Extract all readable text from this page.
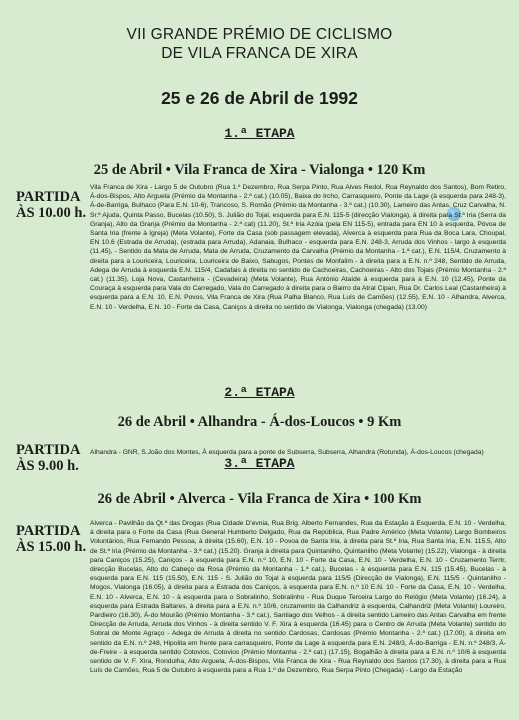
VII GRANDE PRÉMIO DE CICLISMO
DE VILA FRANCA DE XIRA
25 e 26 de Abril de 1992
1.ª ETAPA
25 de Abril • Vila Franca de Xira - Vialonga • 120 Km
PARTIDA
ÀS 10.00 h.
Vila Franca de Xira - Largo 5 de Outubro (Rua 1.º Dezembro, Rua Serpa Pinto, Rua Alves Redol, Rua Reynaldo dos Santos), Bom Retiro, Á-dos-Bispos, Alto Arguela (Prémio da Montanha - 2.ª cat.) (10.05), Baixa do Ircho, Carrasqueiro, Ponte da Lage (à esquerda para 248-3), Á-de-Barriga, Bulhaco (Para E.N. 10-6), Trancoso, S. Romão (Prémio da Montanha - 3.ª cat.) (10.30), Lameiro das Antas, Cruz Carvalha, N. Sr.ª Ajuda, Quinta Passo, Bucelas (10.50), S. Julião do Tojal, esquerda para E.N. 115-5 (direcção Vialonga), à direita para St.ª Iria (Serra da Granja), Alto da Granja (Prémio da Montanha - 2.ª cat) (11.20), St.ª Iria Azóia (pela EN 115-5), entrada para EN 10 à esquerda, Póvoa de Santa Iria (frente à Igreja) (Meta Volante), Forte da Casa (sob passagem elevada), Alverca à esquerda para Rua da Boca Lara, Choupal, EN 10.6 (Estrada de Arruda), (estrada para Arruda), Adanaia, Bulhaco - esquerda para E.N. 248-3, Arruda dos Vinhos - largo à esquerda (11.45), - Sentido da Mata de Arruda, Mata de Arruda, Cruzamento da Carvalha (Prémio da Montanha - 1.ª cat.), E.N. 115/4, Cruzamento à direita para a Louriceira, Louriceira, Louriceira de Baixo, Sabugos, Pontes de Monfalim - à direita para a E.N. n.º 248, Sentido de Arruda, Adega de Arruda à esquerda E.N. 115/4, Cadafais à direita no sentido de Cachoeiras, Cachoeiras - Alto dos Tojais (Prémio Montanha - 2.ª cat.) (11.35), Loja Nova, Castanheira - (Cevadeira) (Meta Volante), Rua António Ataíde à esquerda para a E.N. 10 (12.45), Ponte da Couraça à esquerda para Vala do Carregado, Vala do Carregado à direita para o Bairro da Atral Cipan, Rua Dr. Carlos Leal (Castanheira) à esquerda para a E.N. 10, E.N. Povos, Vila Franca de Xira (Rua Palha Blanco, Rua Luís de Camões) (12.55), E.N. 10 - Alhandra, Alverca, E.N. 10 - Verdelha, E.N. 10 - Forte da Casa, Caniços à direita no sentido de Vialonga, Vialonga (chegada) (13.00)
2.ª ETAPA
26 de Abril • Alhandra - Á-dos-Loucos • 9 Km
PARTIDA
ÀS 9.00 h.
Alhandra - GNR, S.João dos Montes, À esquerda para a ponte de Subserra, Subserra, Alhandra (Rotunda), Á-dos-Loucos (chegada)
3.ª ETAPA
26 de Abril • Alverca - Vila Franca de Xira • 100 Km
PARTIDA
ÀS 15.00 h.
Alverca - Pavilhão da Qt.ª das Drogas (Rua Cidade D'evnia, Rua Brig. Alberto Fernandes, Rua da Estação à Esquerda, E.N. 10 - Verdelha, à direita para o Forte da Casa (Rua General Humberto Delgado, Rua da República, Rua Padre Américo (Meta Volante) Largo Bombeiros Voluntários, Rua Fernando Pessoa, à direita (15.60), E.N. 10 - Povoa de Santa Iria, à direita para St.ª Iria, Rua Santa Iria, E.N. 115.5, Alto de St.ª Iria (Prémio da Montanha - 3.ª cat.) (15.20). Granja à direita para Quintanilho, Quintanilho (Meta Volante) (15.22), Vialonga - à direita para Caniços (15.25), Caniços - à esquerda para E.N. n.º 10, E.N. 10 - Forte da Casa, E.N. 10 - Verdelha, E.N. 10 - Cruzamento Terrtr, direcção Bucelas, Alto do Cabeço da Rosa (Prémio da Montanha - 1.ª cat.), Bucelas - à esquerda para E.N. 115 (15.45), Bucelas - à esquerda para E.N. 115 (15.50), E.N. 115 - S. Julião do Tojal à esquerda para 115/5 (Direcção de Vialonga), E.N. 115/5 - Quintanilho - Mogos, Vialonga (16.05), à direita para a Estrada dos Caniços, à esquerda para E.N. n.º 10 E.N. 10 - Forte da Casa, E.N. 10 - Verdelha, E.N. 10 - Alverca, E.N. 10 - à esquerda para o Sobralinho, Sobralinho - Rua Duque Terceira Largo do Relógio (Meta Volante) (16.24), à esquerda para Estrada Baltares, à direita para a E.N. n.º 10/6, cruzamento da Calhandriz à esquerda, Calhandriz (Meta Volante) Loureiro, Pardieiro (16.30), Á-do Mourão (Prémio Montanha - 3.ª cat.), Santiago dos Velhos - à direita sentido Lameiro das Antas Carvalha em frente Direcção de Arruda, Arruda dos Vinhos - à direita sentido V. F. Xira à esquerda (16.45) para o Centro de Arruda (Meta Volante) sentido do Sobral de Monte Agraço - Adega de Arruda à direita no sentido Cardosas, Cardosas (Prémio Montanha - 2.ª cat.) (17.00), à direita em sentido da E.N. n.º 248, Hipolita em frente para carrasqueiro, Ponte da Lage à esquerda para E.N. 248/3, Á-do-Barriga - E.N. n.º 248/3, Á-de-Freire - à esquerda sentido Cotovios, Cotovios (Prémio Montanha - 2.ª cat.) (17.15), Bogalhão à direita para a E.N. n.º 10/6 à esquerda sentido de V. F. Xira, Rondulha, Alto Arguela, Á-dos-Bispos, Vila Franca de Xira - Rua Reynaldo dos Santos (17.30), à direita para a Rua Luís de Camões, Rua 5 de Outubro à esquerda para a Rua 1.º de Dezembro, Rua Serpa Pinto (Chegada) - Largo da Estação
